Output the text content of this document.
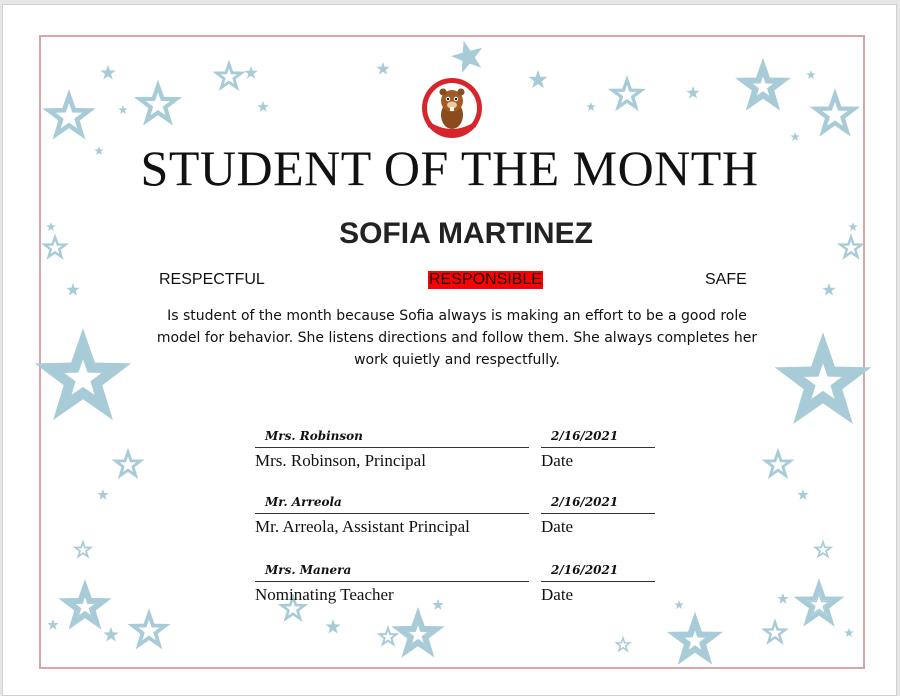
STUDENT OF THE MONTH
SOFIA MARTINEZ
RESPECTFUL	RESPONSIBLE	SAFE
Is student of the month because Sofia always is making an effort to be a good role model for behavior. She listens directions and follow them. She always completes her work quietly and respectfully.
Mrs. Robinson
Mrs. Robinson, Principal
2/16/2021
Date
Mr. Arreola
Mr. Arreola, Assistant Principal
2/16/2021
Date
Mrs. Manera
Nominating Teacher
2/16/2021
Date
